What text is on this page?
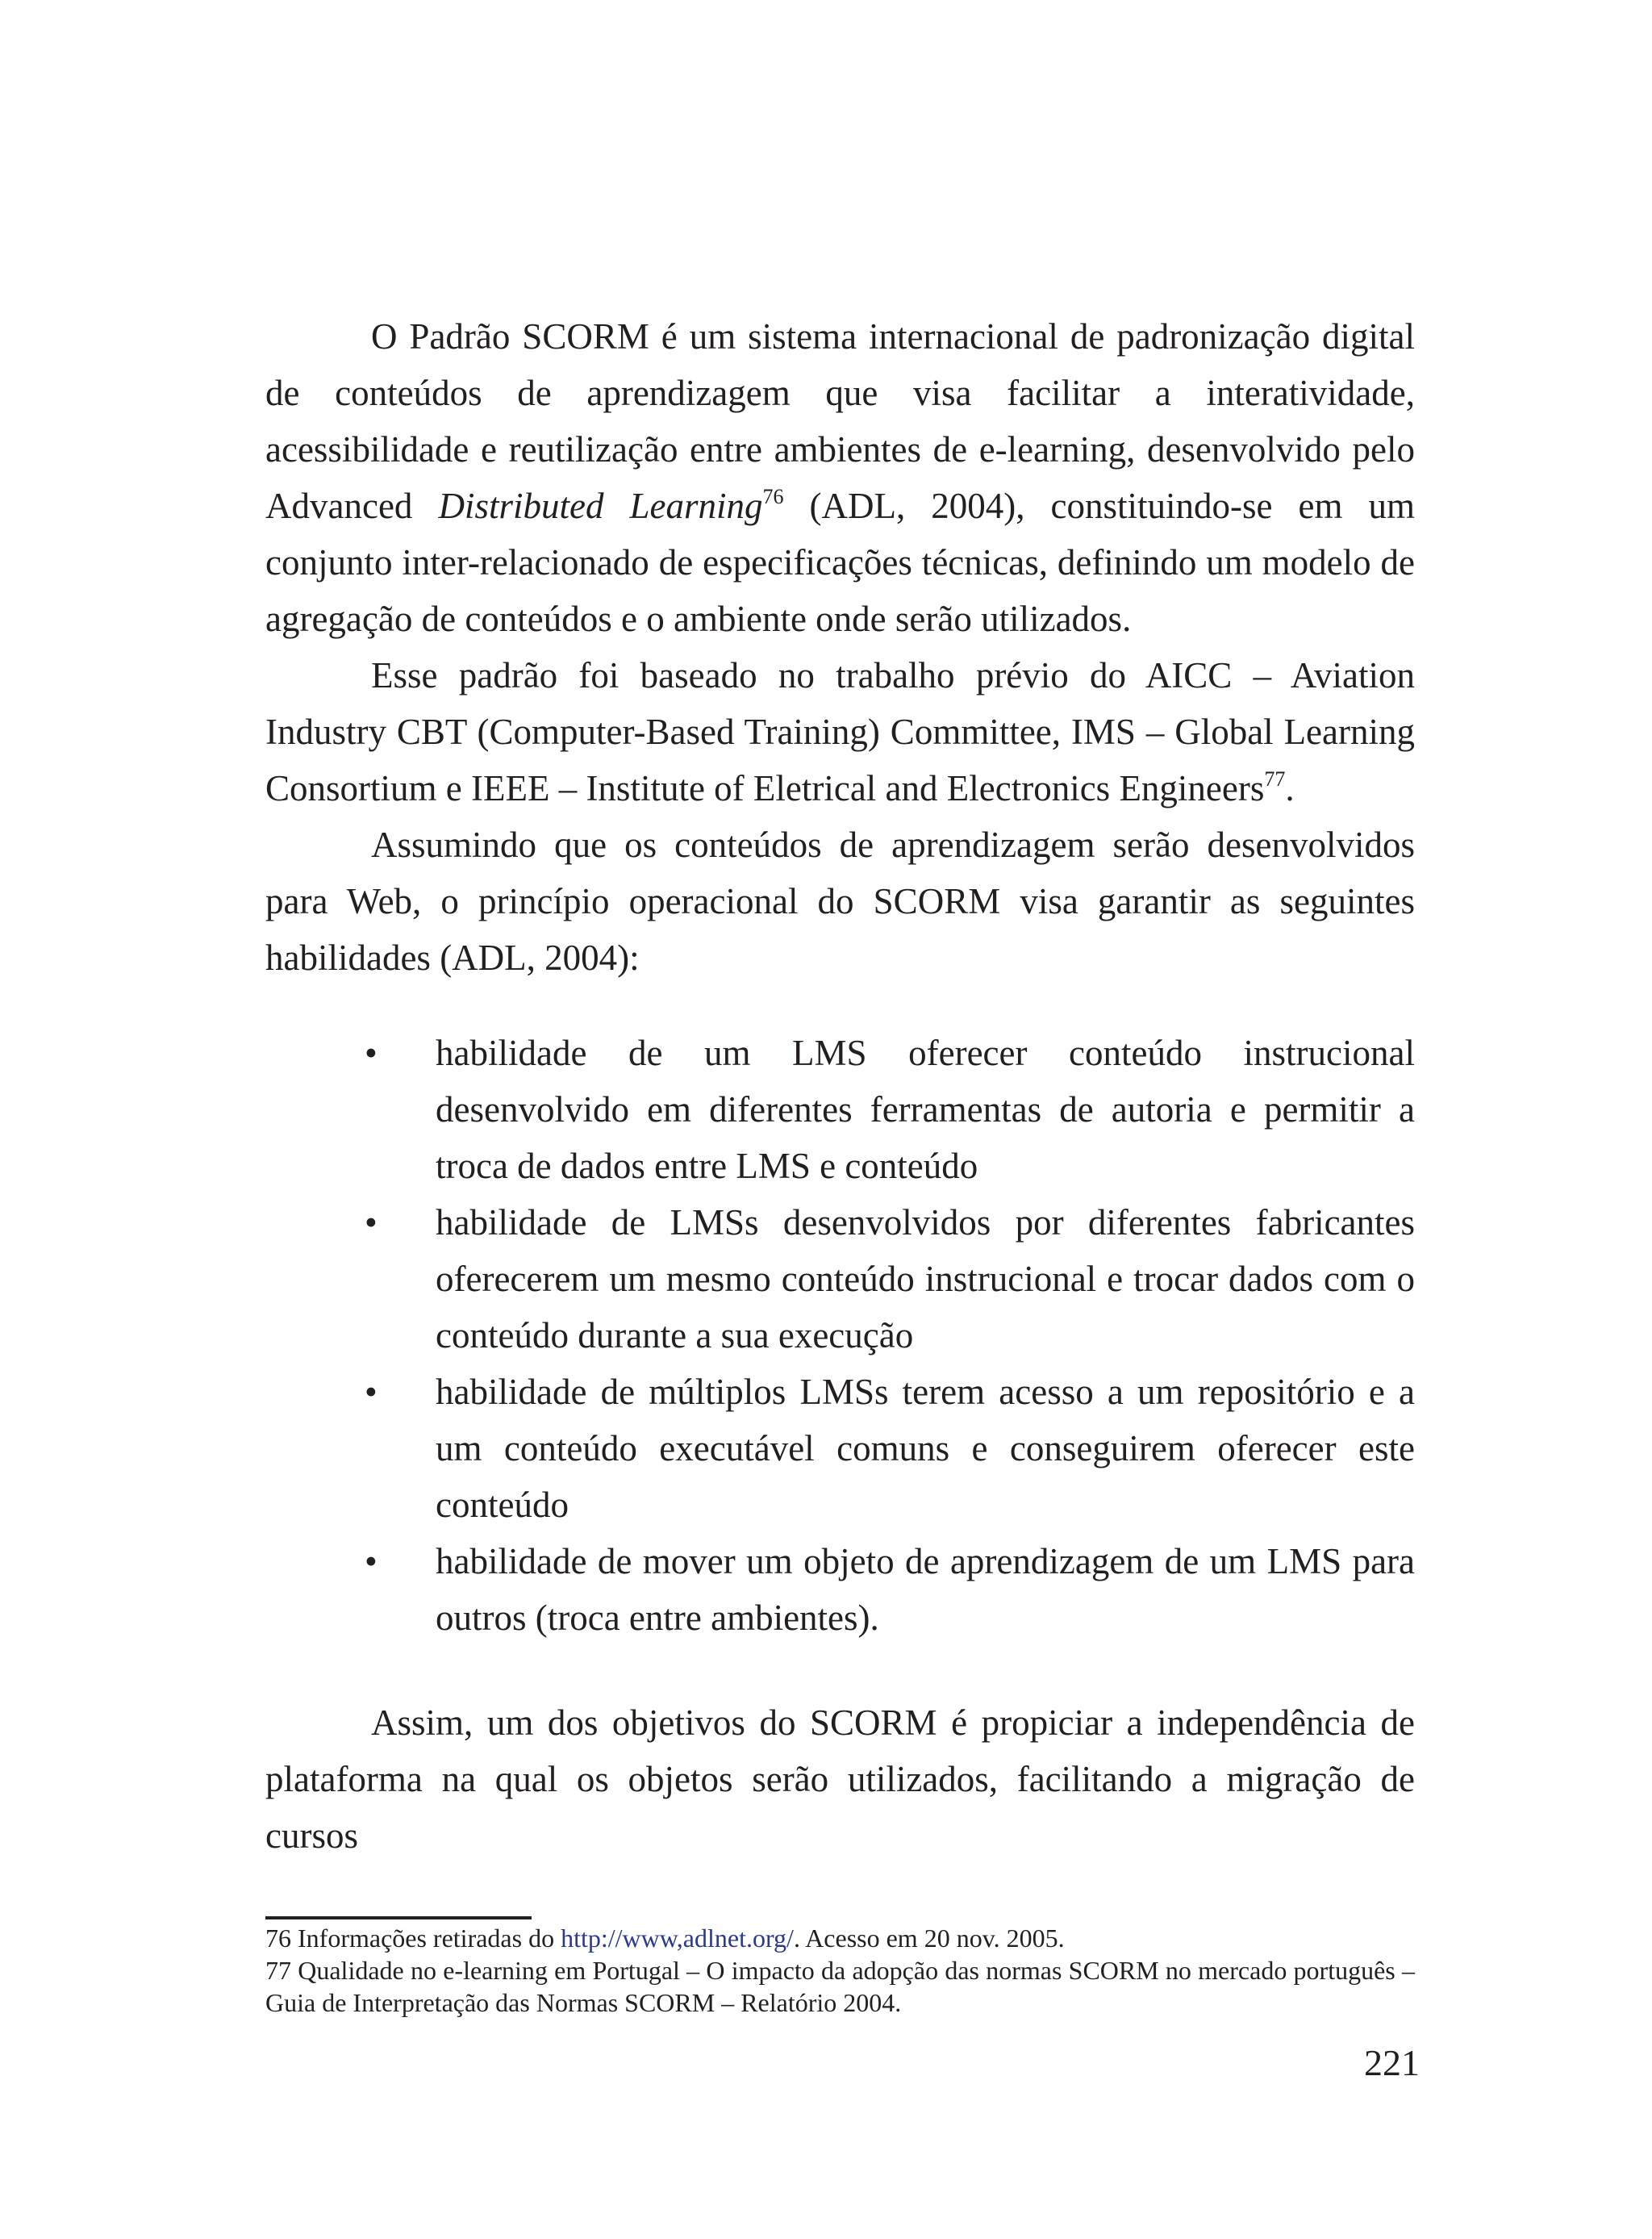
O Padrão SCORM é um sistema internacional de padronização digital de conteúdos de aprendizagem que visa facilitar a interatividade, acessibilidade e reutilização entre ambientes de e-learning, desenvolvido pelo Advanced Distributed Learning$^{76}$ (ADL, 2004), constituindo-se em um conjunto inter-relacionado de especificações técnicas, definindo um modelo de agregação de conteúdos e o ambiente onde serão utilizados.

Esse padrão foi baseado no trabalho prévio do AICC – Aviation Industry CBT (Computer-Based Training) Committee, IMS – Global Learning Consortium e IEEE – Institute of Eletrical and Electronics Engineers$^{77}$.

Assumindo que os conteúdos de aprendizagem serão desenvolvidos para Web, o princípio operacional do SCORM visa garantir as seguintes habilidades (ADL, 2004):

• habilidade de um LMS oferecer conteúdo instrucional desenvolvido em diferentes ferramentas de autoria e permitir a troca de dados entre LMS e conteúdo
• habilidade de LMSs desenvolvidos por diferentes fabricantes oferecerem um mesmo conteúdo instrucional e trocar dados com o conteúdo durante a sua execução
• habilidade de múltiplos LMSs terem acesso a um repositório e a um conteúdo executável comuns e conseguirem oferecer este conteúdo
• habilidade de mover um objeto de aprendizagem de um LMS para outros (troca entre ambientes).

Assim, um dos objetivos do SCORM é propiciar a independência de plataforma na qual os objetos serão utilizados, facilitando a migração de cursos

76 Informações retiradas do http://www,adlnet.org/. Acesso em 20 nov. 2005.

77 Qualidade no e-learning em Portugal – O impacto da adopção das normas SCORM no mercado português – Guia de Interpretação das Normas SCORM – Relatório 2004.

221
